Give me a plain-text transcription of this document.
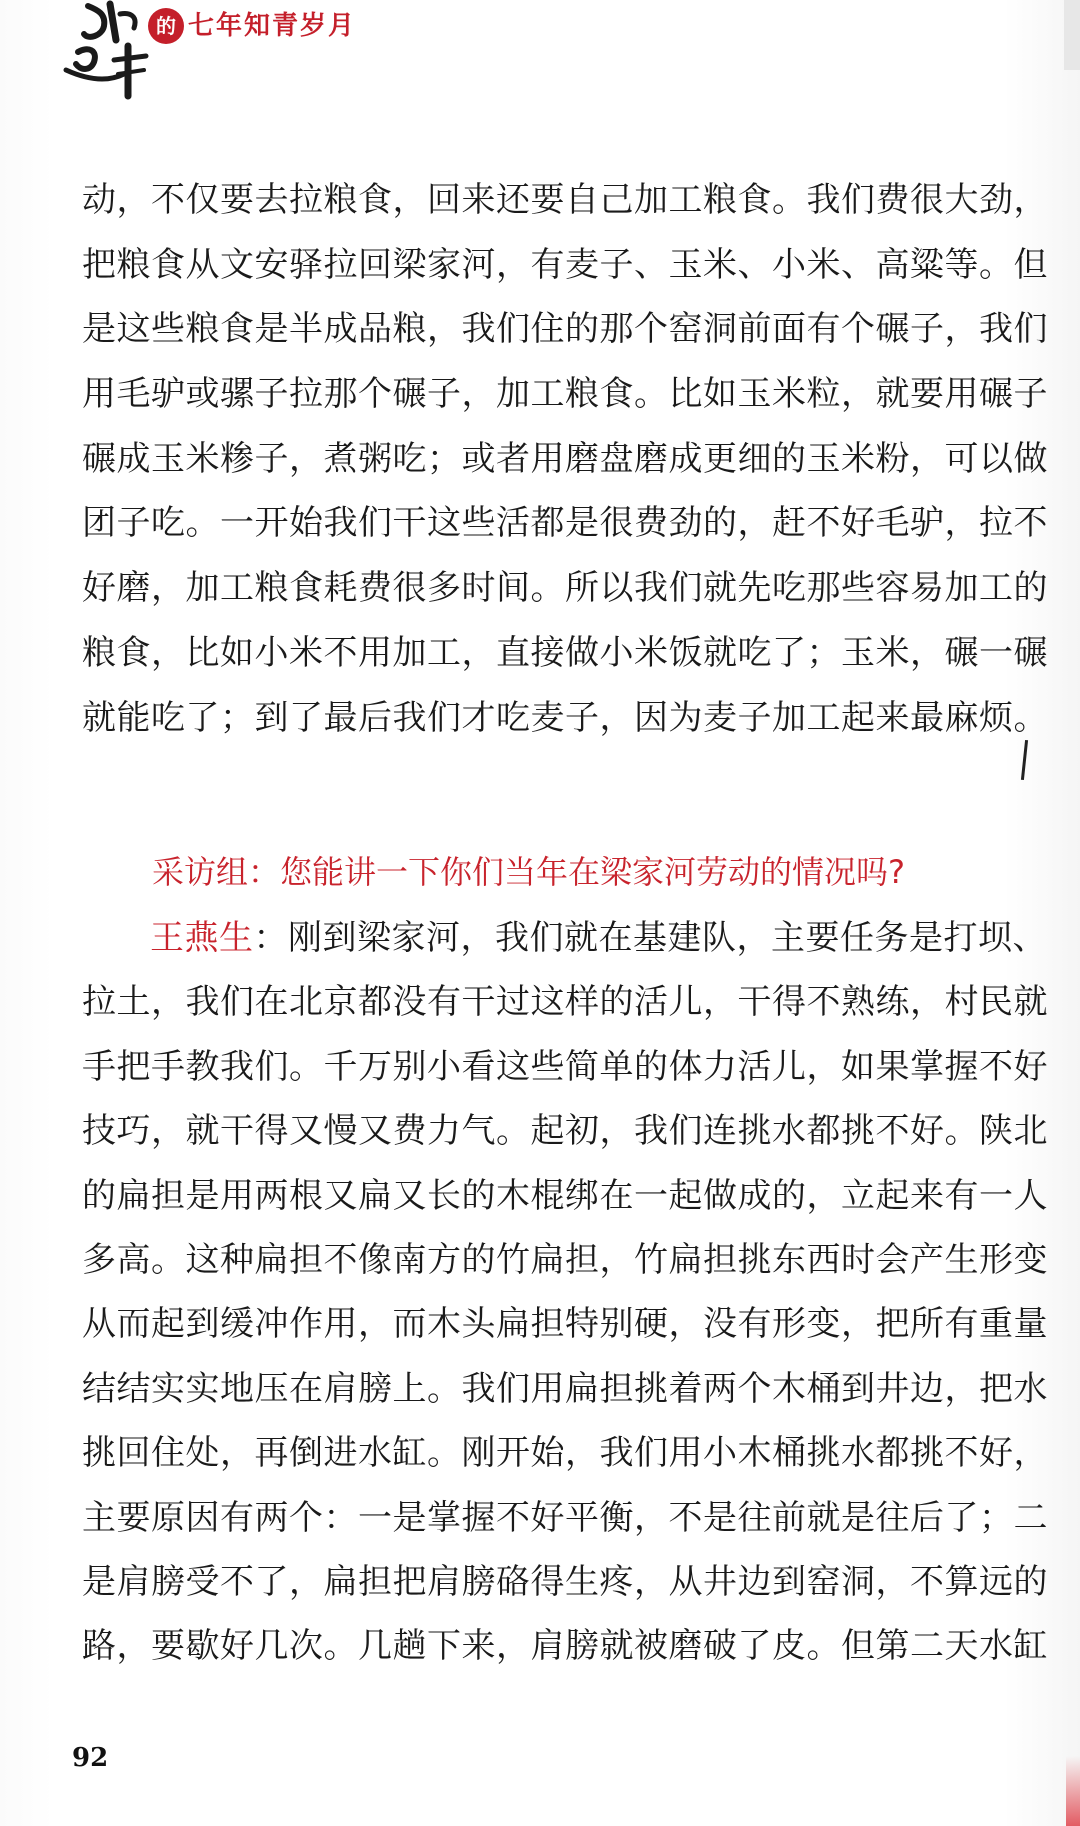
的 七年知青岁月
动，不仅要去拉粮食，回来还要自己加工粮食。我们费很大劲，
把粮食从文安驿拉回梁家河，有麦子、玉米、小米、高粱等。但
是这些粮食是半成品粮，我们住的那个窑洞前面有个碾子，我们
用毛驴或骡子拉那个碾子，加工粮食。比如玉米粒，就要用碾子
碾成玉米糁子，煮粥吃；或者用磨盘磨成更细的玉米粉，可以做
团子吃。一开始我们干这些活都是很费劲的，赶不好毛驴，拉不
好磨，加工粮食耗费很多时间。所以我们就先吃那些容易加工的
粮食，比如小米不用加工，直接做小米饭就吃了；玉米，碾一碾
就能吃了；到了最后我们才吃麦子，因为麦子加工起来最麻烦。
采访组：您能讲一下你们当年在梁家河劳动的情况吗?
王燕生：刚到梁家河，我们就在基建队，主要任务是打坝、
拉土，我们在北京都没有干过这样的活儿，干得不熟练，村民就
手把手教我们。千万别小看这些简单的体力活儿，如果掌握不好
技巧，就干得又慢又费力气。起初，我们连挑水都挑不好。陕北
的扁担是用两根又扁又长的木棍绑在一起做成的，立起来有一人
多高。这种扁担不像南方的竹扁担，竹扁担挑东西时会产生形变
从而起到缓冲作用，而木头扁担特别硬，没有形变，把所有重量
结结实实地压在肩膀上。我们用扁担挑着两个木桶到井边，把水
挑回住处，再倒进水缸。刚开始，我们用小木桶挑水都挑不好，
主要原因有两个：一是掌握不好平衡，不是往前就是往后了；二
是肩膀受不了，扁担把肩膀硌得生疼，从井边到窑洞，不算远的
路，要歇好几次。几趟下来，肩膀就被磨破了皮。但第二天水缸
92
